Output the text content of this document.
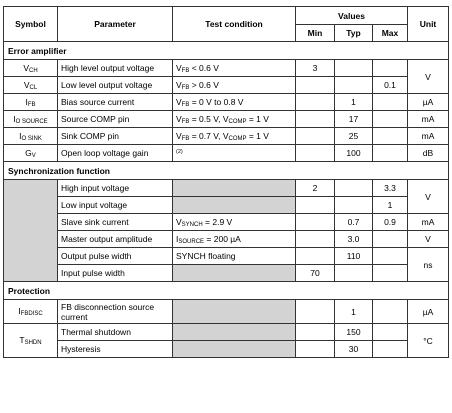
Symbol	Parameter	Test condition	Values			Unit
			Min	Typ	Max	
Error amplifier						
VCH	High level output voltage	VFB < 0.6 V	3			V
VCL	Low level output voltage	VFB > 0.6 V			0.1	
IFB	Bias source current	VFB = 0 V to 0.8 V		1		µA
IO SOURCE	Source COMP pin	VFB = 0.5 V, VCOMP = 1 V		17		mA
IO SINK	Sink COMP pin	VFB = 0.7 V, VCOMP = 1 V		25		mA
GV	Open loop voltage gain	$^{(2)}$		100		dB
Synchronization function						
	High input voltage		2		3.3	V
	Low input voltage				1	
	Slave sink current	VSYNCH = 2.9 V		0.7	0.9	mA
	Master output amplitude	ISOURCE = 200 µA		3.0		V
	Output pulse width	SYNCH floating		110		ns
	Input pulse width		70			
Protection						
IFBDISC	FB disconnection source current			1		µA
TSHDN	Thermal shutdown			150		°C
	Hysteresis			30		
